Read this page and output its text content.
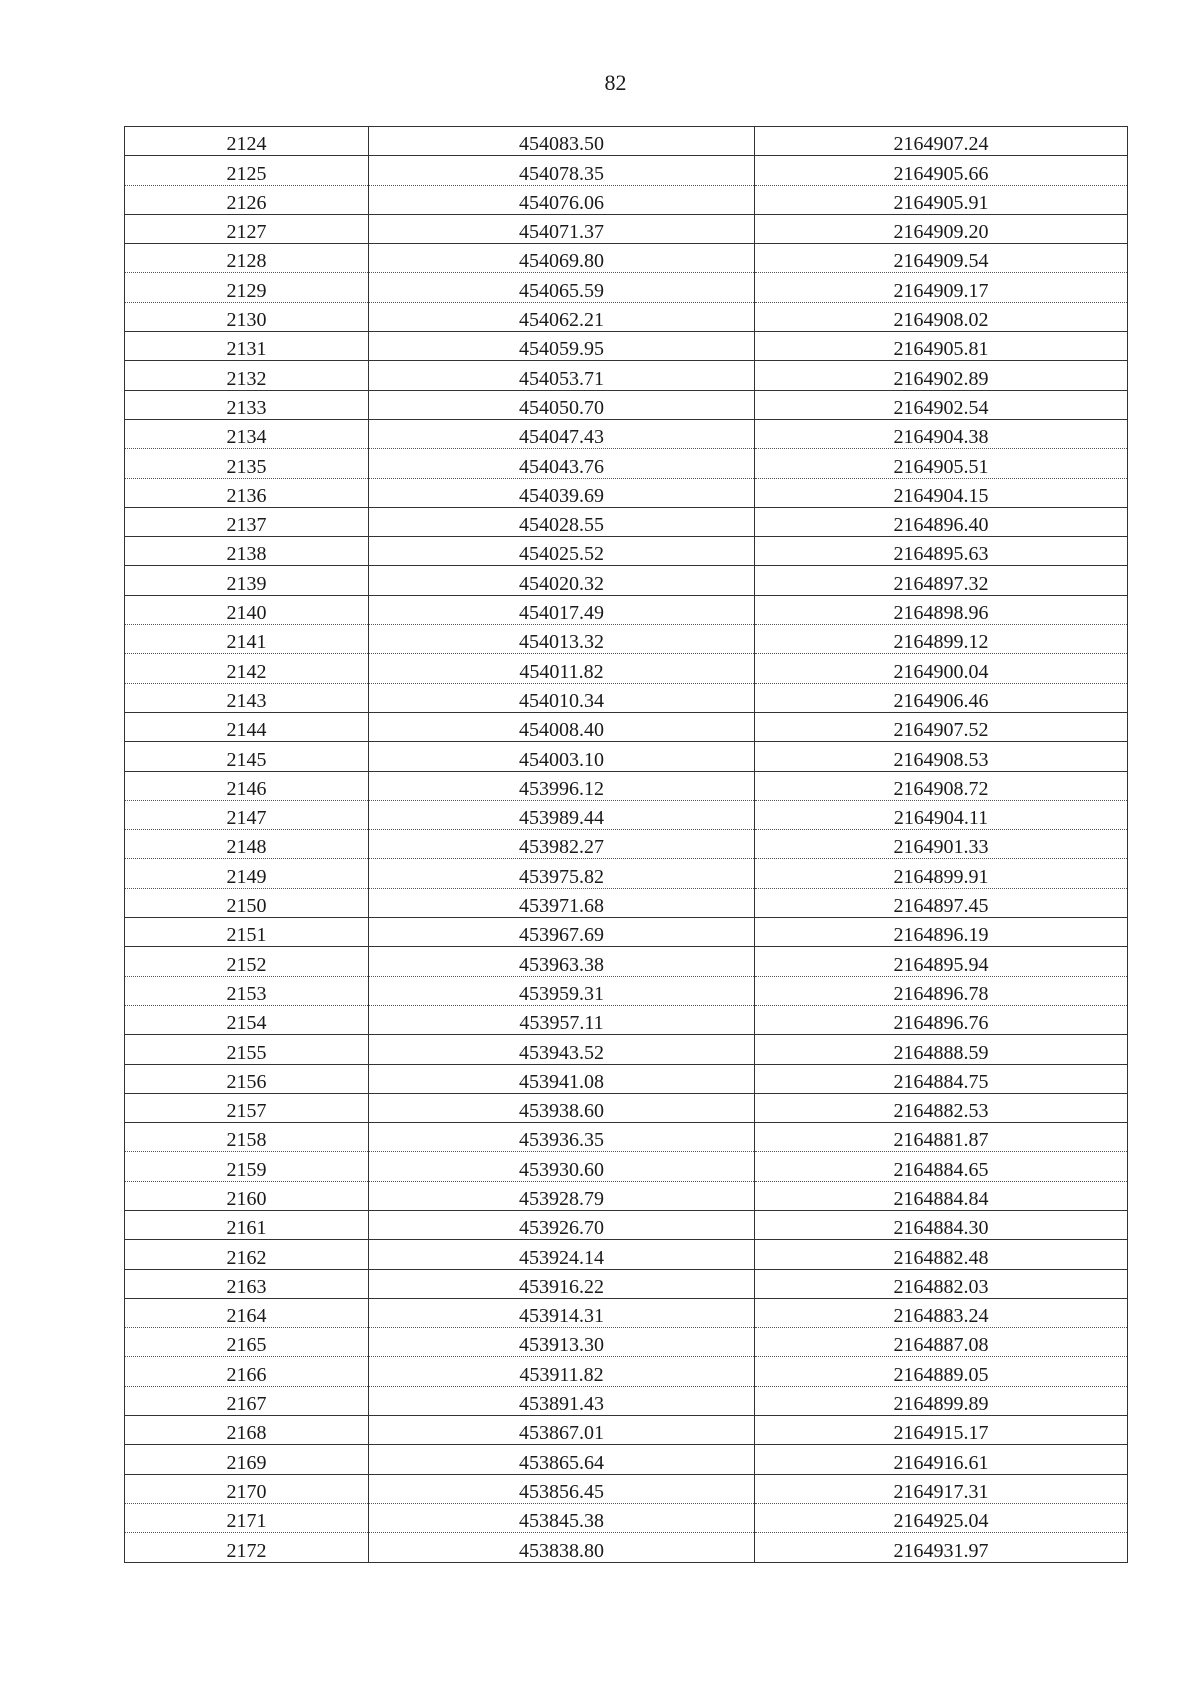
82
2124	454083.50	2164907.24
2125	454078.35	2164905.66
2126	454076.06	2164905.91
2127	454071.37	2164909.20
2128	454069.80	2164909.54
2129	454065.59	2164909.17
2130	454062.21	2164908.02
2131	454059.95	2164905.81
2132	454053.71	2164902.89
2133	454050.70	2164902.54
2134	454047.43	2164904.38
2135	454043.76	2164905.51
2136	454039.69	2164904.15
2137	454028.55	2164896.40
2138	454025.52	2164895.63
2139	454020.32	2164897.32
2140	454017.49	2164898.96
2141	454013.32	2164899.12
2142	454011.82	2164900.04
2143	454010.34	2164906.46
2144	454008.40	2164907.52
2145	454003.10	2164908.53
2146	453996.12	2164908.72
2147	453989.44	2164904.11
2148	453982.27	2164901.33
2149	453975.82	2164899.91
2150	453971.68	2164897.45
2151	453967.69	2164896.19
2152	453963.38	2164895.94
2153	453959.31	2164896.78
2154	453957.11	2164896.76
2155	453943.52	2164888.59
2156	453941.08	2164884.75
2157	453938.60	2164882.53
2158	453936.35	2164881.87
2159	453930.60	2164884.65
2160	453928.79	2164884.84
2161	453926.70	2164884.30
2162	453924.14	2164882.48
2163	453916.22	2164882.03
2164	453914.31	2164883.24
2165	453913.30	2164887.08
2166	453911.82	2164889.05
2167	453891.43	2164899.89
2168	453867.01	2164915.17
2169	453865.64	2164916.61
2170	453856.45	2164917.31
2171	453845.38	2164925.04
2172	453838.80	2164931.97
